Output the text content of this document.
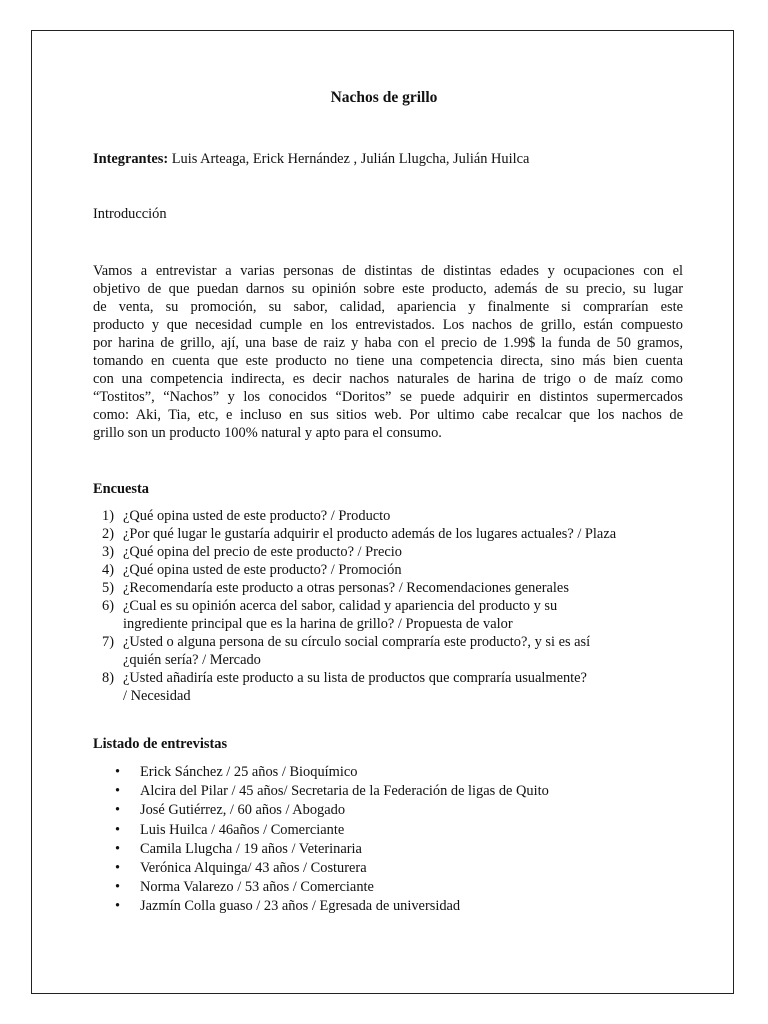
Nachos de grillo
Integrantes: Luis Arteaga, Erick Hernández , Julián Llugcha, Julián Huilca
Introducción
Vamos a entrevistar a varias personas de distintas de distintas edades y ocupaciones con el
objetivo de que puedan darnos su opinión sobre este producto, además de su precio, su lugar
de venta, su promoción, su sabor, calidad, apariencia y finalmente si comprarían este
producto y que necesidad cumple en los entrevistados. Los nachos de grillo, están compuesto
por harina de grillo, ají, una base de raiz y haba con el precio de 1.99$ la funda de 50 gramos,
tomando en cuenta que este producto no tiene una competencia directa, sino más bien cuenta
con una competencia indirecta, es decir nachos naturales de harina de trigo o de maíz como
“Tostitos”, “Nachos” y los conocidos “Doritos” se puede adquirir en distintos supermercados
como: Aki, Tia, etc, e incluso en sus sitios web. Por ultimo cabe recalcar que los nachos de
grillo son un producto 100% natural y apto para el consumo.
Encuesta
1) ¿Qué opina usted de este producto? / Producto
2) ¿Por qué lugar le gustaría adquirir el producto además de los lugares actuales? / Plaza
3) ¿Qué opina del precio de este producto? / Precio
4) ¿Qué opina usted de este producto? / Promoción
5) ¿Recomendaría este producto a otras personas? / Recomendaciones generales
6) ¿Cual es su opinión acerca del sabor, calidad y apariencia del producto y su
ingrediente principal que es la harina de grillo? / Propuesta de valor
7) ¿Usted o alguna persona de su círculo social compraría este producto?, y si es así
¿quién sería? / Mercado
8) ¿Usted añadiría este producto a su lista de productos que compraría usualmente?
/ Necesidad
Listado de entrevistas
• Erick Sánchez / 25 años / Bioquímico
• Alcira del Pilar / 45 años/ Secretaria de la Federación de ligas de Quito
• José Gutiérrez, / 60 años / Abogado
• Luis Huilca / 46años / Comerciante
• Camila Llugcha / 19 años / Veterinaria
• Verónica Alquinga/ 43 años / Costurera
• Norma Valarezo / 53 años / Comerciante
• Jazmín Colla guaso / 23 años / Egresada de universidad
